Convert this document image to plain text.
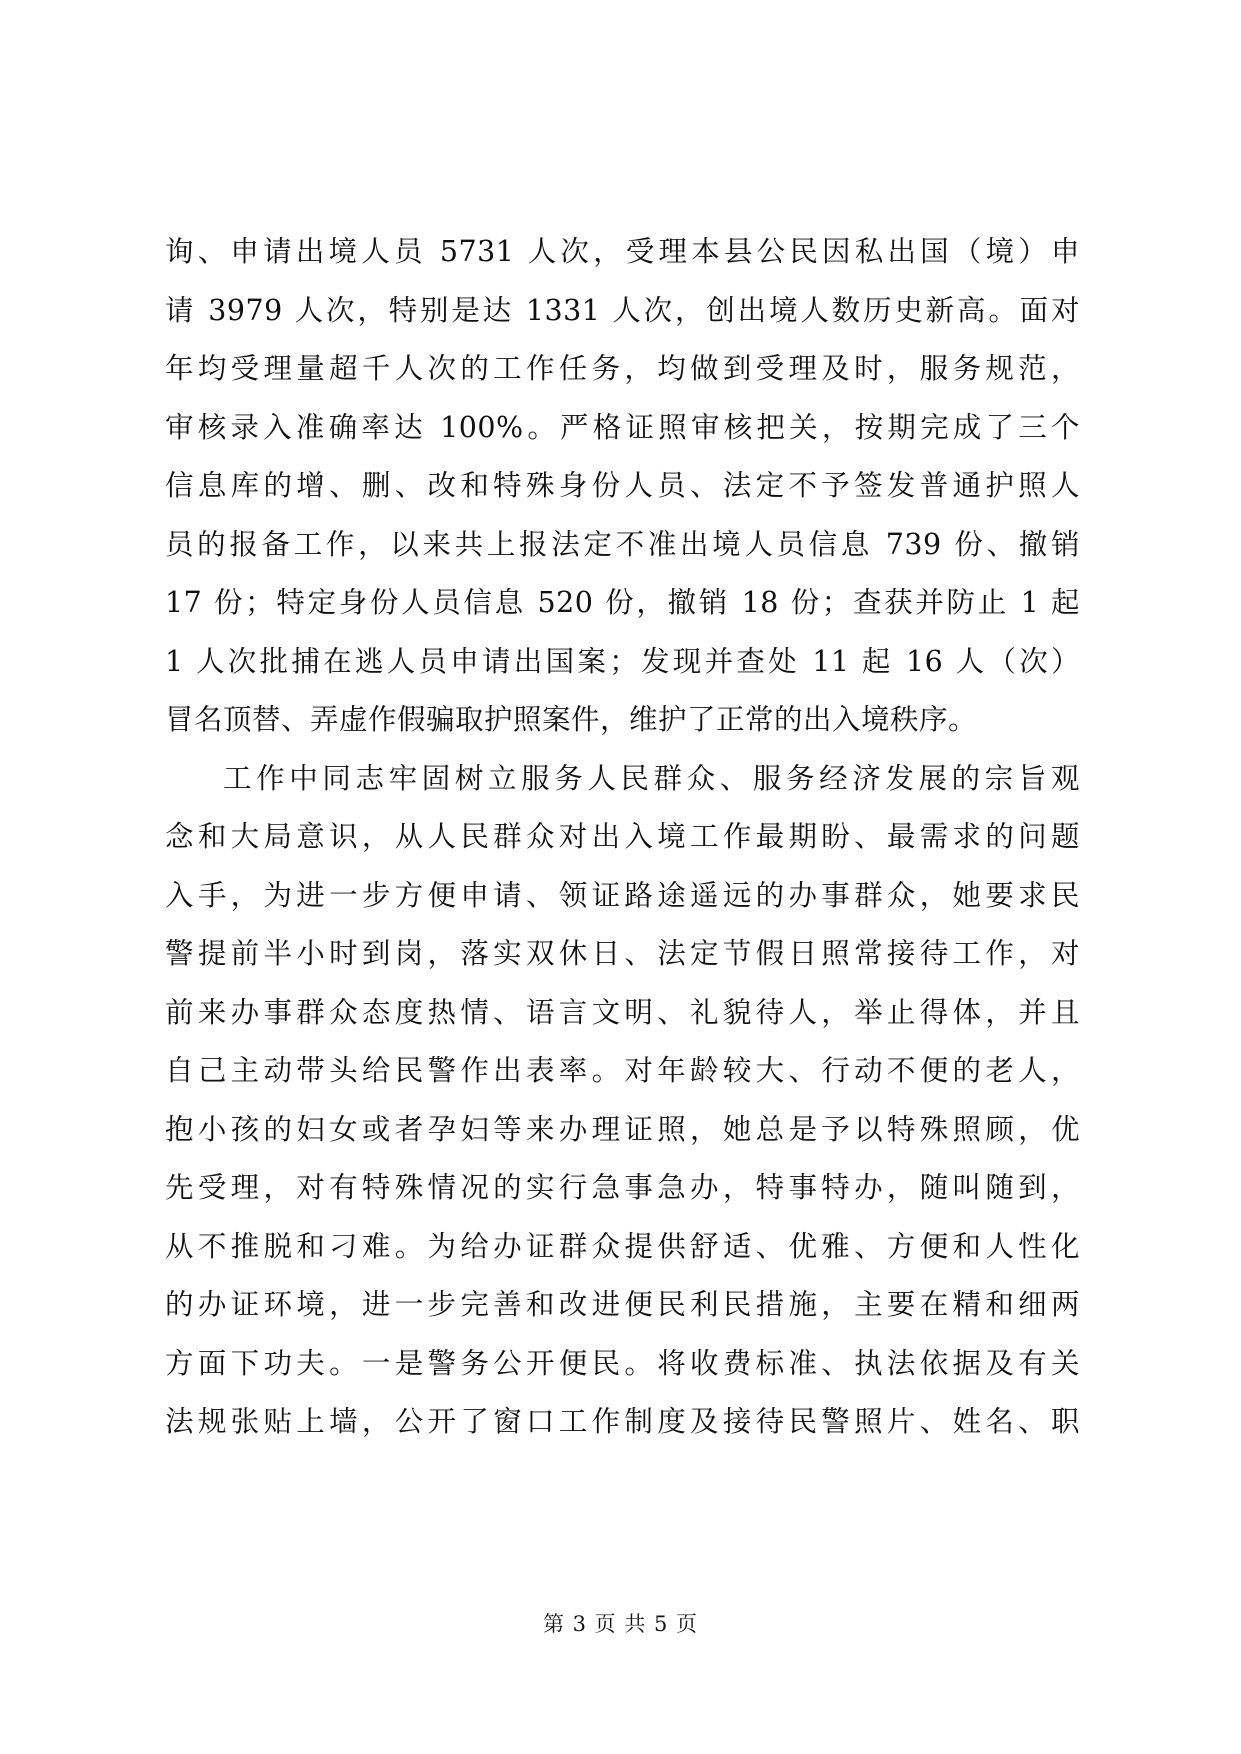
询、申请出境人员 5731 人次，受理本县公民因私出国（境）申
请 3979 人次，特别是达 1331 人次，创出境人数历史新高。面对
年均受理量超千人次的工作任务，均做到受理及时，服务规范，
审核录入准确率达 100%。严格证照审核把关，按期完成了三个
信息库的增、删、改和特殊身份人员、法定不予签发普通护照人
员的报备工作，以来共上报法定不准出境人员信息 739 份、撤销
17 份；特定身份人员信息 520 份，撤销 18 份；查获并防止 1 起
1 人次批捕在逃人员申请出国案；发现并查处 11 起 16 人（次）
冒名顶替、弄虚作假骗取护照案件，维护了正常的出入境秩序。
工作中同志牢固树立服务人民群众、服务经济发展的宗旨观
念和大局意识，从人民群众对出入境工作最期盼、最需求的问题
入手，为进一步方便申请、领证路途遥远的办事群众，她要求民
警提前半小时到岗，落实双休日、法定节假日照常接待工作，对
前来办事群众态度热情、语言文明、礼貌待人，举止得体，并且
自己主动带头给民警作出表率。对年龄较大、行动不便的老人，
抱小孩的妇女或者孕妇等来办理证照，她总是予以特殊照顾，优
先受理，对有特殊情况的实行急事急办，特事特办，随叫随到，
从不推脱和刁难。为给办证群众提供舒适、优雅、方便和人性化
的办证环境，进一步完善和改进便民利民措施，主要在精和细两
方面下功夫。一是警务公开便民。将收费标准、执法依据及有关
法规张贴上墙，公开了窗口工作制度及接待民警照片、姓名、职
第 3 页 共 5 页
